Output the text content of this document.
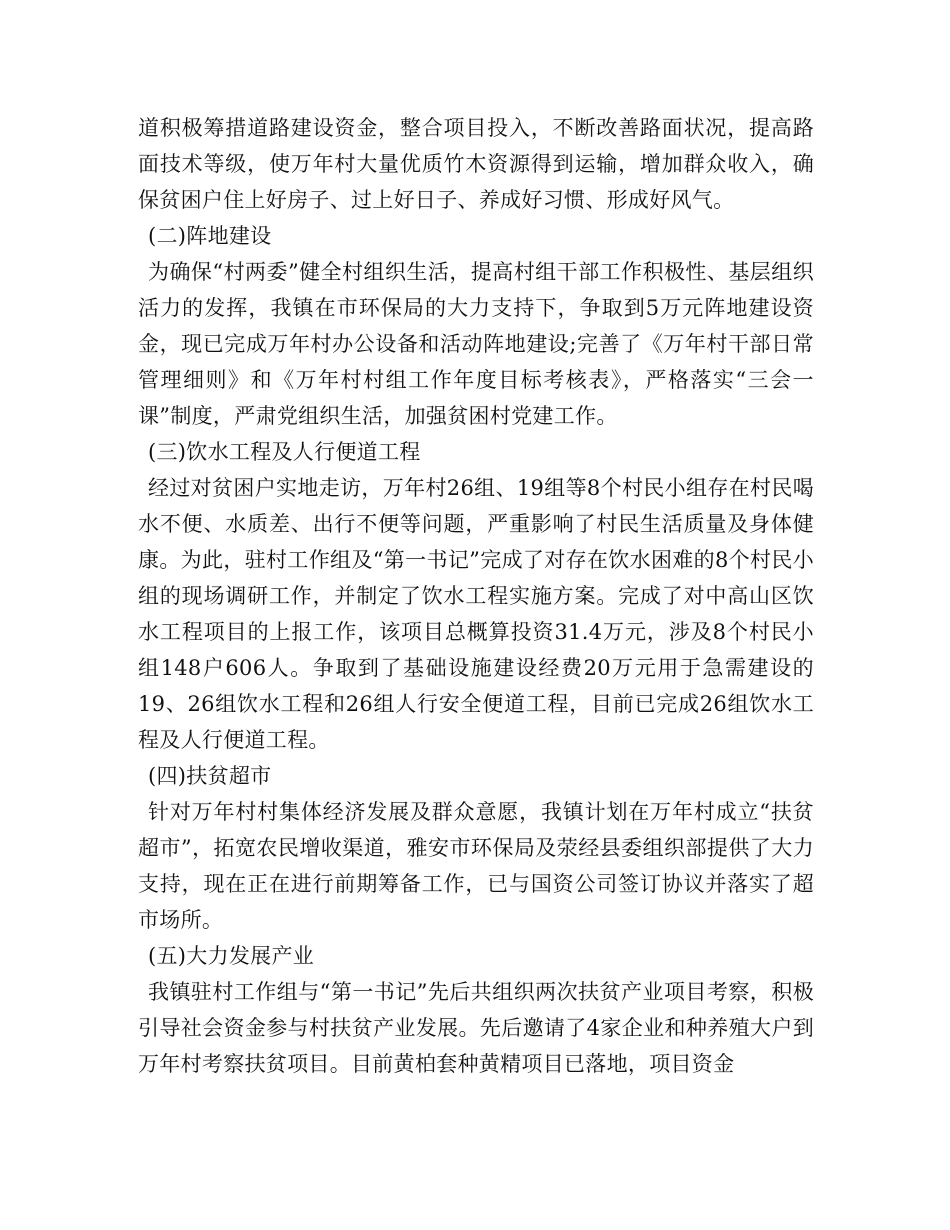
道积极筹措道路建设资金，整合项目投入，不断改善路面状况，提高路面技术等级，使万年村大量优质竹木资源得到运输，增加群众收入，确保贫困户住上好房子、过上好日子、养成好习惯、形成好风气。

(二)阵地建设

为确保“村两委”健全村组织生活，提高村组干部工作积极性、基层组织活力的发挥，我镇在市环保局的大力支持下，争取到5万元阵地建设资金，现已完成万年村办公设备和活动阵地建设;完善了《万年村干部日常管理细则》和《万年村村组工作年度目标考核表》，严格落实“三会一课”制度，严肃党组织生活，加强贫困村党建工作。

(三)饮水工程及人行便道工程

经过对贫困户实地走访，万年村26组、19组等8个村民小组存在村民喝水不便、水质差、出行不便等问题，严重影响了村民生活质量及身体健康。为此，驻村工作组及“第一书记”完成了对存在饮水困难的8个村民小组的现场调研工作，并制定了饮水工程实施方案。完成了对中高山区饮水工程项目的上报工作，该项目总概算投资31.4万元，涉及8个村民小组148户606人。争取到了基础设施建设经费20万元用于急需建设的19、26组饮水工程和26组人行安全便道工程，目前已完成26组饮水工程及人行便道工程。

(四)扶贫超市

针对万年村村集体经济发展及群众意愿，我镇计划在万年村成立“扶贫超市”，拓宽农民增收渠道，雅安市环保局及荥经县委组织部提供了大力支持，现在正在进行前期筹备工作，已与国资公司签订协议并落实了超市场所。

(五)大力发展产业

我镇驻村工作组与“第一书记”先后共组织两次扶贫产业项目考察，积极引导社会资金参与村扶贫产业发展。先后邀请了4家企业和种养殖大户到万年村考察扶贫项目。目前黄柏套种黄精项目已落地，项目资金
